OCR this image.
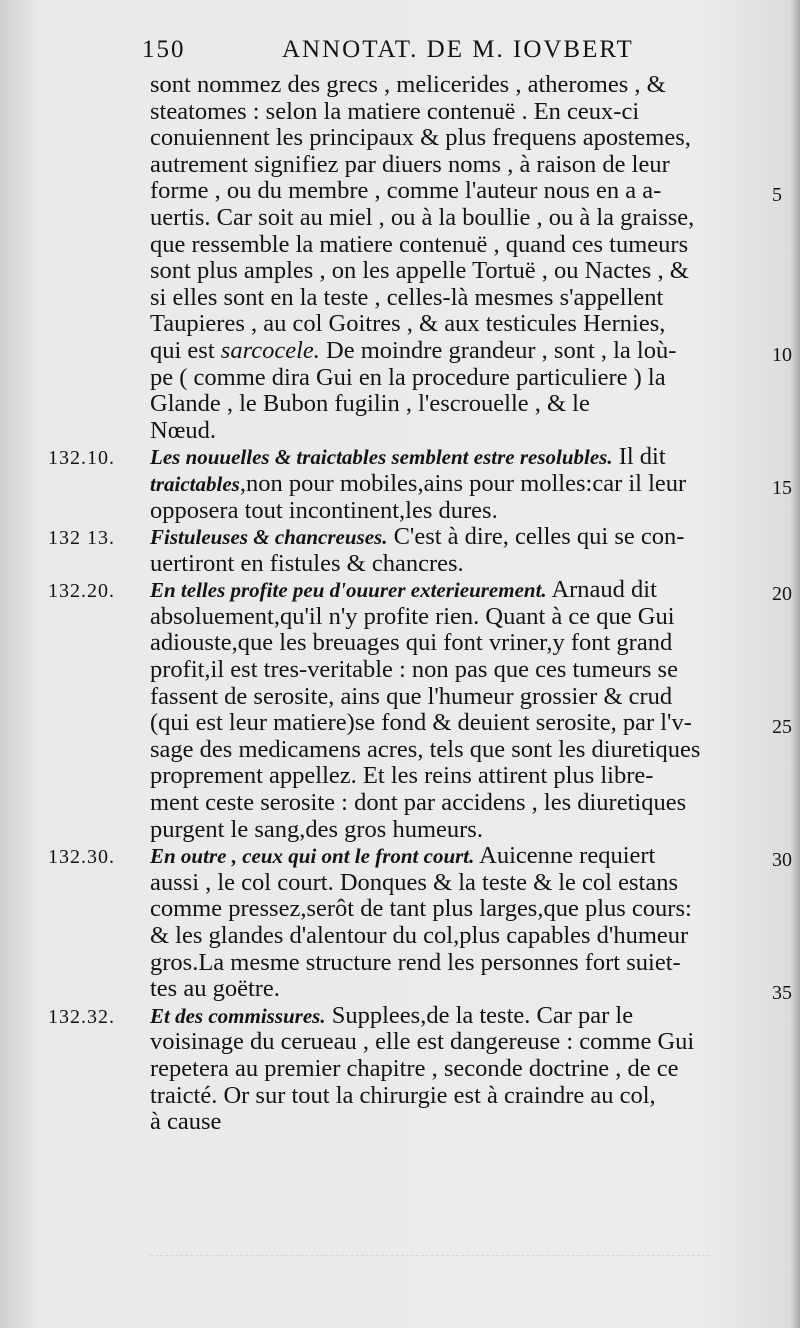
150	ANNOTAT. DE M. IOVBERT
sont nommez des grecs , melicerides , atheromes , &
steatomes : selon la matiere contenuë . En ceux-ci
conuiennent les principaux & plus frequens apostemes,
autrement signifiez par diuers noms , à raison de leur
forme , ou du membre , comme l'auteur nous en a a-
uertis. Car soit au miel , ou à la boullie , ou à la graisse,
que ressemble la matiere contenuë , quand ces tumeurs
sont plus amples , on les appelle Tortuë , ou Nactes , &
si elles sont en la teste , celles-là mesmes s'appellent
Taupieres , au col Goitres , & aux testicules Hernies,
qui est sarcocele. De moindre grandeur , sont , la loù-
pe ( comme dira Gui en la procedure particuliere ) la
Glande , le Bubon fugilin , l'escrouelle , & le
Nœud.
Les nouuelles & traictables semblent estre resolubles. Il dit
traictables,non pour mobiles,ains pour molles:car il leur
opposera tout incontinent,les dures.
Fistuleuses & chancreuses. C'est à dire, celles qui se con-
uertiront en fistules & chancres.
En telles profite peu d'ouurer exterieurement. Arnaud dit
absoluement,qu'il n'y profite rien. Quant à ce que Gui
adiouste,que les breuages qui font vriner,y font grand
profit,il est tres-veritable : non pas que ces tumeurs se
fassent de serosite, ains que l'humeur grossier & crud
(qui est leur matiere)se fond & deuient serosite, par l'v-
sage des medicamens acres, tels que sont les diuretiques
proprement appellez. Et les reins attirent plus libre-
ment ceste serosite : dont par accidens , les diuretiques
purgent le sang,des gros humeurs.
En outre , ceux qui ont le front court. Auicenne requiert
aussi , le col court. Donques & la teste & le col estans
comme pressez,serôt de tant plus larges,que plus cours:
& les glandes d'alentour du col,plus capables d'humeur
gros.La mesme structure rend les personnes fort suiet-
tes au goëtre.
Et des commissures. Supplees,de la teste. Car par le
voisinage du cerueau , elle est dangereuse : comme Gui
repetera au premier chapitre , seconde doctrine , de ce
traicté. Or sur tout la chirurgie est à craindre au col,
à cause
132.10.
132 13.
132.20.
132.30.
132.32.
5
10
15
20
25
30
35
